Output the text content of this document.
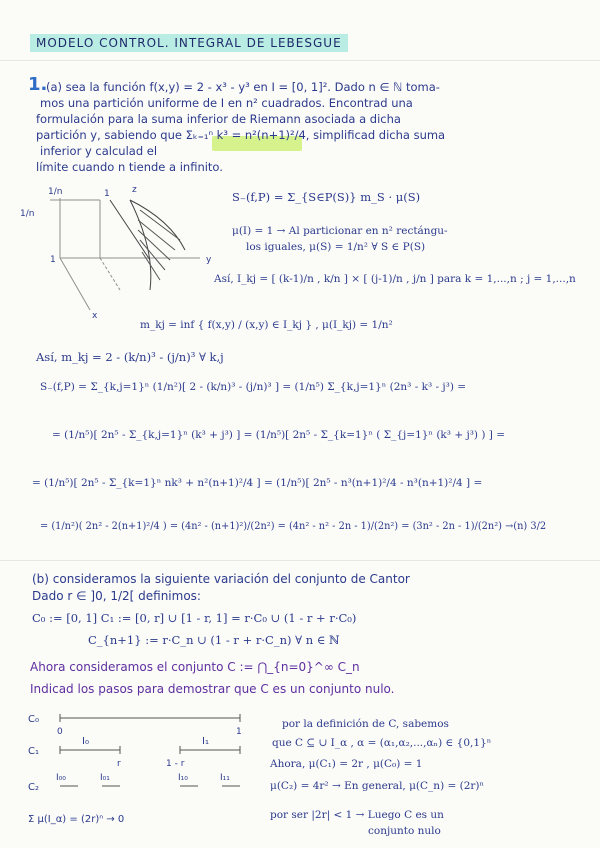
MODELO CONTROL. INTEGRAL DE LEBESGUE
1.
(a) sea la función f(x,y) = 2 - x³ - y³ en I = [0, 1]². Dado n ∈ ℕ toma-
mos una partición uniforme de I en n² cuadrados. Encontrad una
formulación para la suma inferior de Riemann asociada a dicha
partición y, sabiendo que Σₖ₌₁ⁿ k³ = n²(n+1)²/4, simplificad dicha suma
inferior y calculad el
límite cuando n tiende a infinito.
1/n
1/n
1
1 z
y
x
S₋(f,P) = Σ_{S∈P(S)} m_S · μ(S)
μ(I) = 1 → Al particionar en n² rectángu-
los iguales, μ(S) = 1/n² ∀ S ∈ P(S)
Así, I_kj = [ (k-1)/n , k/n ] × [ (j-1)/n , j/n ] para k = 1,...,n ; j = 1,...,n
m_kj = inf { f(x,y) / (x,y) ∈ I_kj } , μ(I_kj) = 1/n²
Así, m_kj = 2 - (k/n)³ - (j/n)³ ∀ k,j
S₋(f,P) = Σ_{k,j=1}ⁿ (1/n²)[ 2 - (k/n)³ - (j/n)³ ] = (1/n⁵) Σ_{k,j=1}ⁿ (2n³ - k³ - j³) =
= (1/n⁵)[ 2n⁵ - Σ_{k,j=1}ⁿ (k³ + j³) ] = (1/n⁵)[ 2n⁵ - Σ_{k=1}ⁿ ( Σ_{j=1}ⁿ (k³ + j³) ) ] =
= (1/n⁵)[ 2n⁵ - Σ_{k=1}ⁿ nk³ + n²(n+1)²/4 ] = (1/n⁵)[ 2n⁵ - n³(n+1)²/4 - n³(n+1)²/4 ] =
= (1/n²)( 2n² - 2(n+1)²/4 ) = (4n² - (n+1)²)/(2n²) = (4n² - n² - 2n - 1)/(2n²) = (3n² - 2n - 1)/(2n²) →(n) 3/2
(b) consideramos la siguiente variación del conjunto de Cantor
Dado r ∈ ]0, 1/2[ definimos:
C₀ := [0, 1] C₁ := [0, r] ∪ [1 - r, 1] = r·C₀ ∪ (1 - r + r·C₀)
C_{n+1} := r·C_n ∪ (1 - r + r·C_n) ∀ n ∈ ℕ
Ahora consideramos el conjunto C := ⋂_{n=0}^∞ C_n
Indicad los pasos para demostrar que C es un conjunto nulo.
C₀
0	1
C₁
I₀	I₁
r	1 - r
C₂
I₀₀	I₀₁	I₁₀	I₁₁
Σ μ(I_α) = (2r)ⁿ → 0
por la definición de C, sabemos
que C ⊆ ∪ I_α , α = (α₁,α₂,...,αₙ) ∈ {0,1}ⁿ
Ahora, μ(C₁) = 2r , μ(C₀) = 1
μ(C₂) = 4r² → En general, μ(C_n) = (2r)ⁿ
por ser |2r| < 1 → Luego C es un
conjunto nulo
